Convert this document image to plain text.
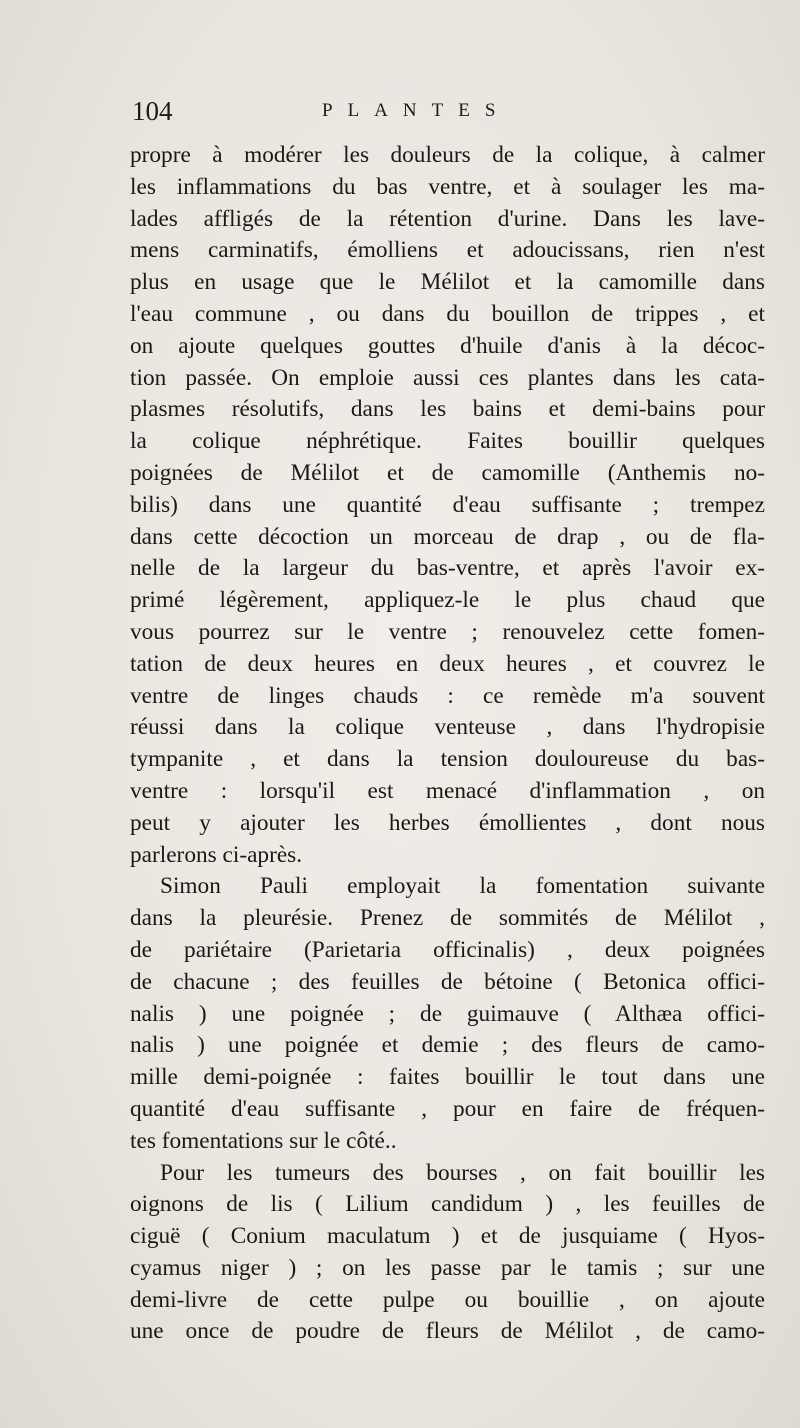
104	PLANTES
propre à modérer les douleurs de la colique, à calmer
les inflammations du bas ventre, et à soulager les ma-
lades affligés de la rétention d'urine. Dans les lave-
mens carminatifs, émolliens et adoucissans, rien n'est
plus en usage que le Mélilot et la camomille dans
l'eau commune , ou dans du bouillon de trippes , et
on ajoute quelques gouttes d'huile d'anis à la décoc-
tion passée. On emploie aussi ces plantes dans les cata-
plasmes résolutifs, dans les bains et demi-bains pour
la colique néphrétique. Faites bouillir quelques
poignées de Mélilot et de camomille (Anthemis no-
bilis) dans une quantité d'eau suffisante ; trempez
dans cette décoction un morceau de drap , ou de fla-
nelle de la largeur du bas-ventre, et après l'avoir ex-
primé légèrement, appliquez-le le plus chaud que
vous pourrez sur le ventre ; renouvelez cette fomen-
tation de deux heures en deux heures , et couvrez le
ventre de linges chauds : ce remède m'a souvent
réussi dans la colique venteuse , dans l'hydropisie
tympanite , et dans la tension douloureuse du bas-
ventre : lorsqu'il est menacé d'inflammation , on
peut y ajouter les herbes émollientes , dont nous
parlerons ci-après.
Simon Pauli employait la fomentation suivante
dans la pleurésie. Prenez de sommités de Mélilot ,
de pariétaire (Parietaria officinalis) , deux poignées
de chacune ; des feuilles de bétoine ( Betonica offici-
nalis ) une poignée ; de guimauve ( Althæa offici-
nalis ) une poignée et demie ; des fleurs de camo-
mille demi-poignée : faites bouillir le tout dans une
quantité d'eau suffisante , pour en faire de fréquen-
tes fomentations sur le côté..
Pour les tumeurs des bourses , on fait bouillir les
oignons de lis ( Lilium candidum ) , les feuilles de
ciguë ( Conium maculatum ) et de jusquiame ( Hyos-
cyamus niger ) ; on les passe par le tamis ; sur une
demi-livre de cette pulpe ou bouillie , on ajoute
une once de poudre de fleurs de Mélilot , de camo-
